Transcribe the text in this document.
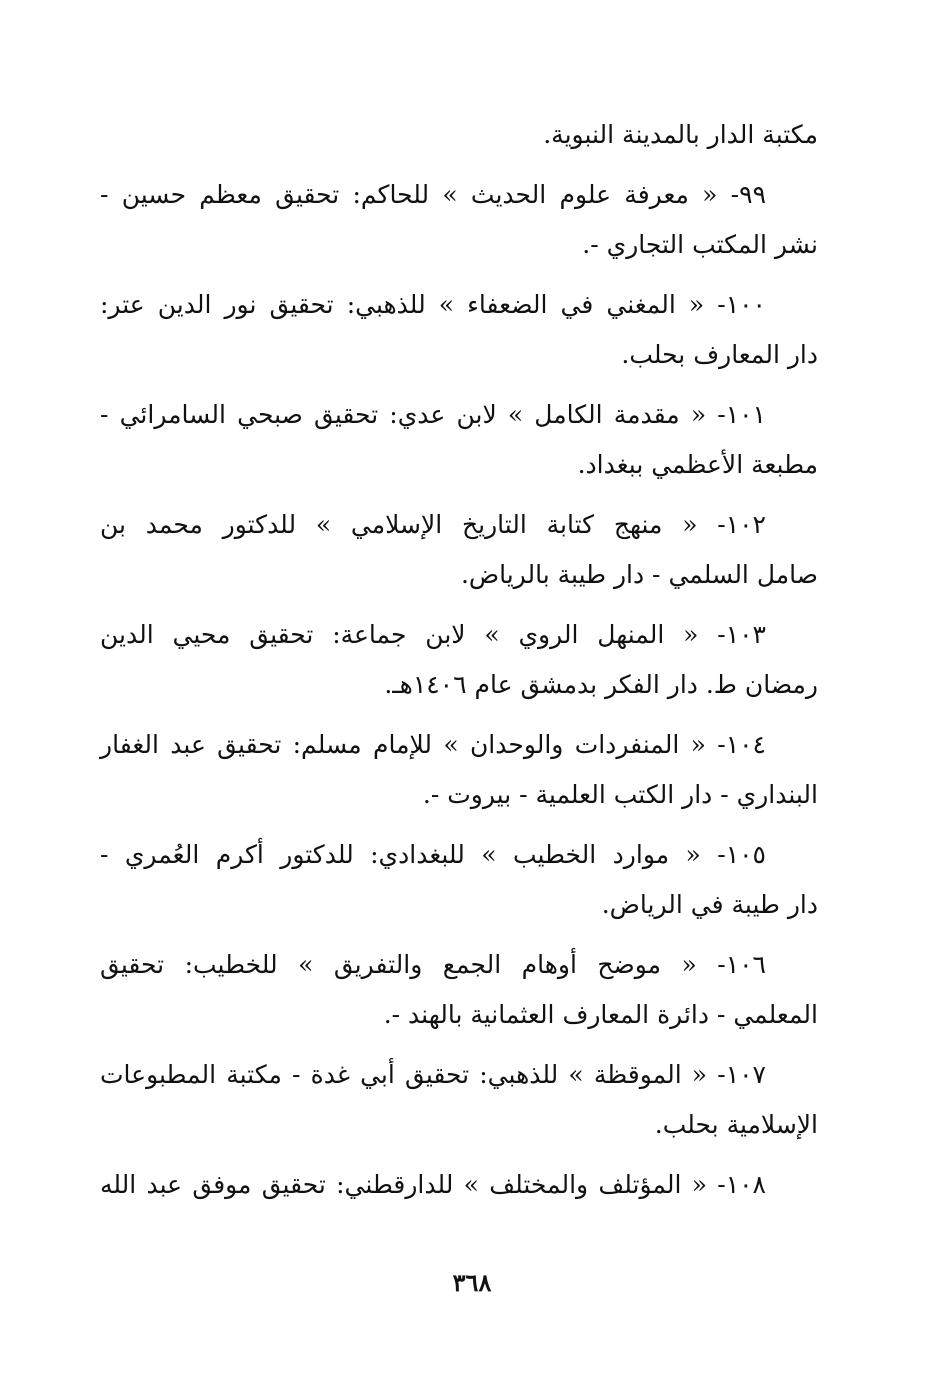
مكتبة الدار بالمدينة النبوية.
٩٩- « معرفة علوم الحديث » للحاكم: تحقيق معظم حسين -
نشر المكتب التجاري -.
١٠٠- « المغني في الضعفاء » للذهبي: تحقيق نور الدين عتر:
دار المعارف بحلب.
١٠١- « مقدمة الكامل » لابن عدي: تحقيق صبحي السامرائي -
مطبعة الأعظمي ببغداد.
١٠٢- « منهج كتابة التاريخ الإسلامي » للدكتور محمد بن
صامل السلمي - دار طيبة بالرياض.
١٠٣- « المنهل الروي » لابن جماعة: تحقيق محيي الدين
رمضان ط. دار الفكر بدمشق عام ١٤٠٦هـ.
١٠٤- « المنفردات والوحدان » للإمام مسلم: تحقيق عبد الغفار
البنداري - دار الكتب العلمية - بيروت -.
١٠٥- « موارد الخطيب » للبغدادي: للدكتور أكرم العُمري -
دار طيبة في الرياض.
١٠٦- « موضح أوهام الجمع والتفريق » للخطيب: تحقيق
المعلمي - دائرة المعارف العثمانية بالهند -.
١٠٧- « الموقظة » للذهبي: تحقيق أبي غدة - مكتبة المطبوعات
الإسلامية بحلب.
١٠٨- « المؤتلف والمختلف » للدارقطني: تحقيق موفق عبد الله
٣٦٨
